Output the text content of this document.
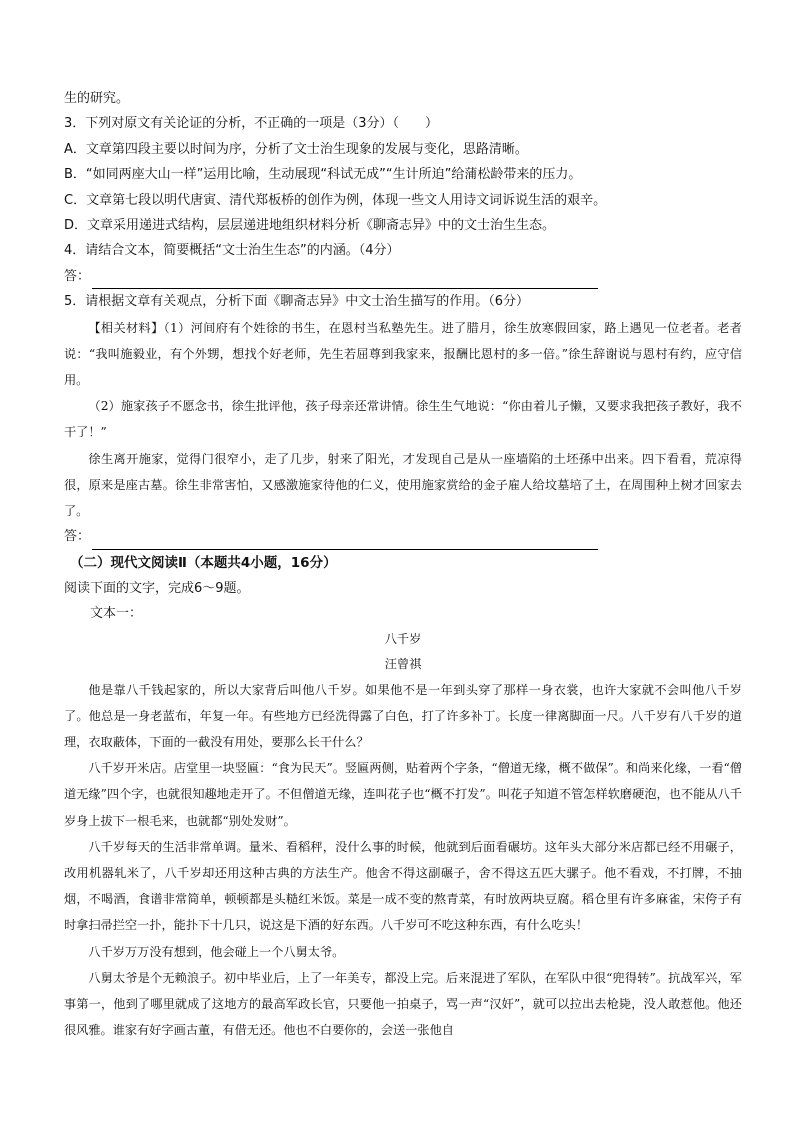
生的研究。
3．下列对原文有关论证的分析，不正确的一项是（3分）（　　）
A．文章第四段主要以时间为序，分析了文士治生现象的发展与变化，思路清晰。
B．“如同两座大山一样”运用比喻，生动展现“科试无成”“生计所迫”给蒲松龄带来的压力。
C．文章第七段以明代唐寅、清代郑板桥的创作为例，体现一些文人用诗文词诉说生活的艰辛。
D．文章采用递进式结构，层层递进地组织材料分析《聊斋志异》中的文士治生生态。
4．请结合文本，简要概括“文士治生生态”的内涵。（4分）
答：
5．请根据文章有关观点，分析下面《聊斋志异》中文士治生描写的作用。（6分）
【相关材料】（1）河间府有个姓徐的书生，在恩村当私塾先生。进了腊月，徐生放寒假回家，路上遇见一位老者。老者说：“我叫施毅业，有个外甥，想找个好老师，先生若屈尊到我家来，报酬比恩村的多一倍。”徐生辞谢说与恩村有约，应守信用。
（2）施家孩子不愿念书，徐生批评他，孩子母亲还常讲情。徐生生气地说：“你由着儿子懒，又要求我把孩子教好，我不干了！”
徐生离开施家，觉得门很窄小，走了几步，射来了阳光，才发现自己是从一座墙陷的土坯孫中出来。四下看看，荒凉得很，原来是座古墓。徐生非常害怕，又感激施家待他的仁义，使用施家赏给的金子雇人给坟墓培了土，在周围种上树才回家去了。
答：
（二）现代文阅读Ⅱ（本题共4小题，16分）
阅读下面的文字，完成6～9题。
文本一：
八千岁
汪曾祺
他是靠八千钱起家的，所以大家背后叫他八千岁。如果他不是一年到头穿了那样一身衣裳，也许大家就不会叫他八千岁了。他总是一身老蓝布，年复一年。有些地方已经洗得露了白色，打了许多补丁。长度一律离脚面一尺。八千岁有八千岁的道理，衣取蔽体，下面的一截没有用处，要那么长干什么？
八千岁开米店。店堂里一块竖匾：“食为民天”。竖匾两侧，贴着两个字条，“僧道无缘，概不做保”。和尚来化缘，一看“僧道无缘”四个字，也就很知趣地走开了。不但僧道无缘，连叫花子也“概不打发”。叫花子知道不管怎样软磨硬泡，也不能从八千岁身上拔下一根毛来，也就都“别处发财”。
八千岁每天的生活非常单调。量米、看稻秤，没什么事的时候，他就到后面看碾坊。这年头大部分米店都已经不用碾子，改用机器轧米了，八千岁却还用这种古典的方法生产。他舍不得这副碾子，舍不得这五匹大骡子。他不看戏，不打牌，不抽烟，不喝酒，食谱非常简单，顿顿都是头糙红米饭。菜是一成不变的熬青菜，有时放两块豆腐。稻仓里有许多麻雀，宋侉子有时拿扫帚拦空一扑，能扑下十几只，说这是下酒的好东西。八千岁可不吃这种东西，有什么吃头！
八千岁万万没有想到，他会碰上一个八舅太爷。
八舅太爷是个无赖浪子。初中毕业后，上了一年美专，都没上完。后来混进了军队，在军队中很“兜得转”。抗战军兴，军事第一，他到了哪里就成了这地方的最高军政长官，只要他一拍桌子，骂一声“汉奸”，就可以拉出去枪毙，没人敢惹他。他还很风雅。谁家有好字画古董，有借无还。他也不白要你的，会送一张他自
